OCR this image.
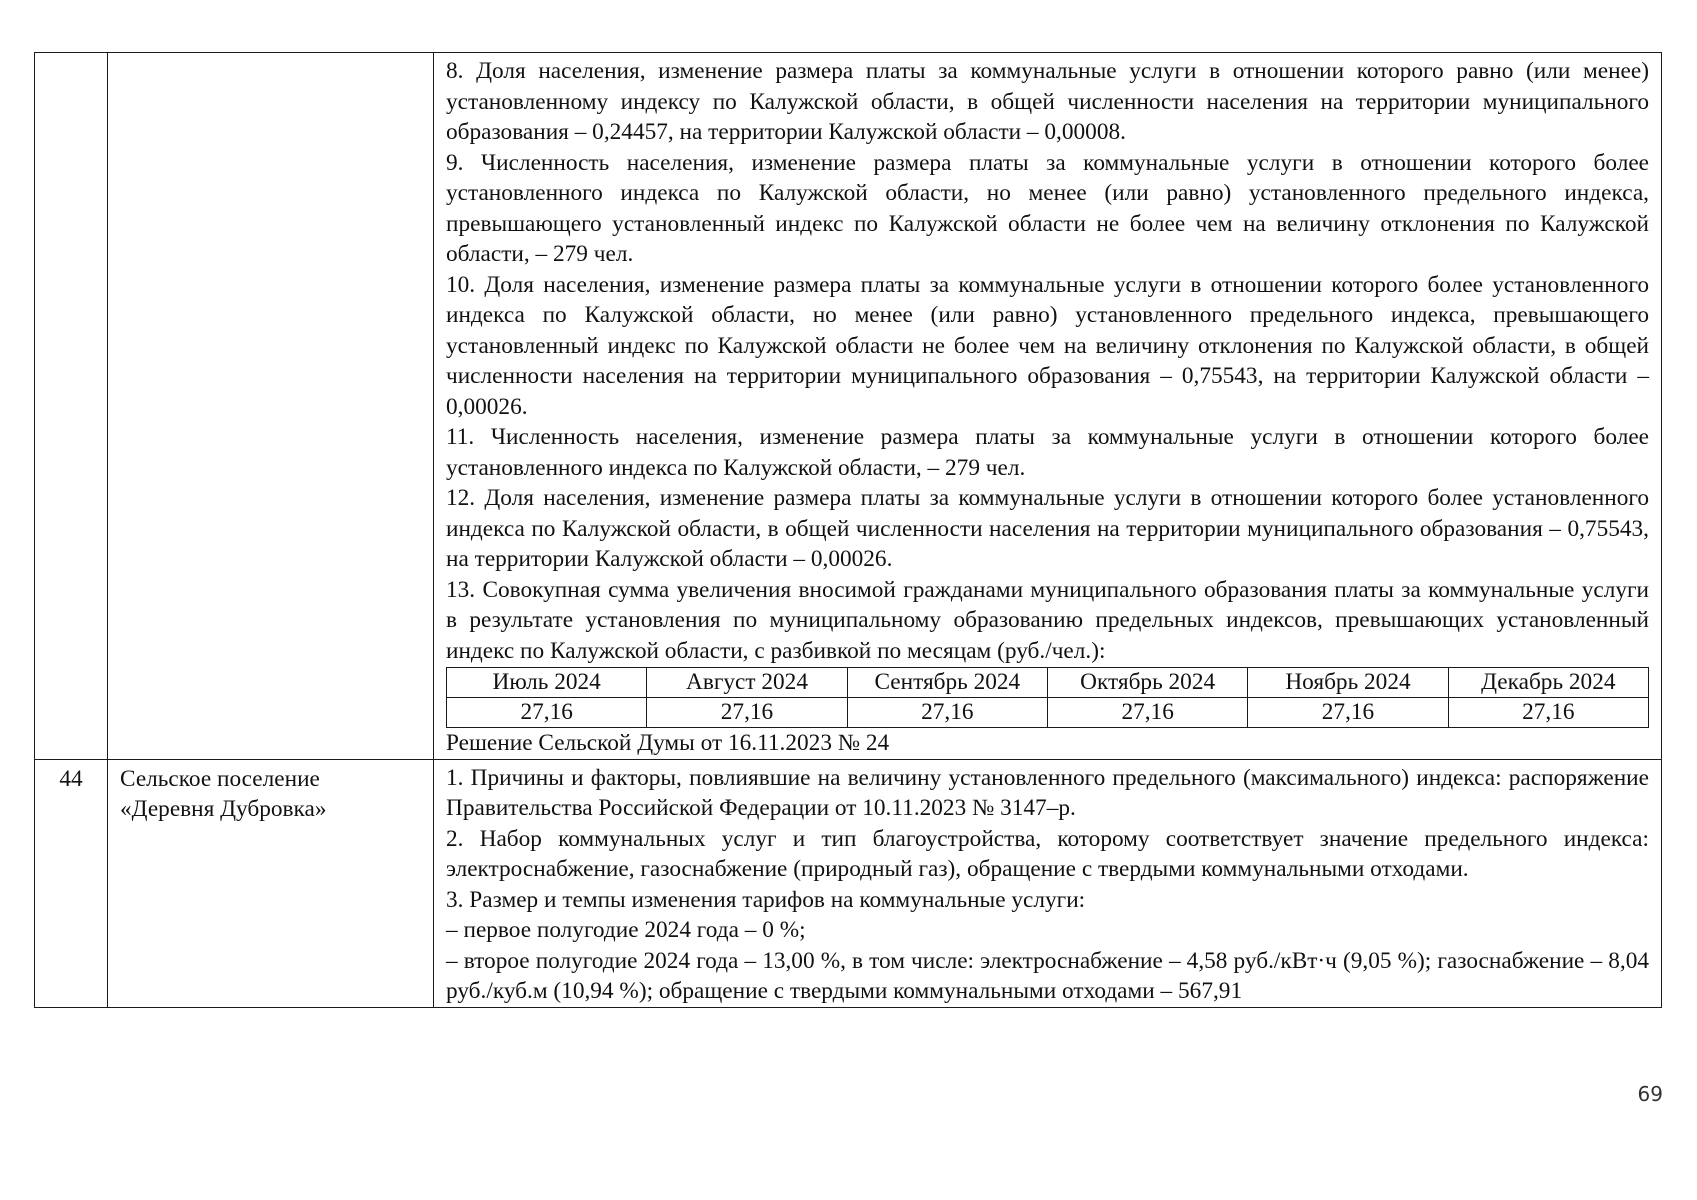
8. Доля населения, изменение размера платы за коммунальные услуги в отношении которого равно (или менее) установленному индексу по Калужской области, в общей численности населения на территории муниципального образования – 0,24457, на территории Калужской области – 0,00008.

9. Численность населения, изменение размера платы за коммунальные услуги в отношении которого более установленного индекса по Калужской области, но менее (или равно) установленного предельного индекса, превышающего установленный индекс по Калужской области не более чем на величину отклонения по Калужской области, – 279 чел.

10. Доля населения, изменение размера платы за коммунальные услуги в отношении которого более установленного индекса по Калужской области, но менее (или равно) установленного предельного индекса, превышающего установленный индекс по Калужской области не более чем на величину отклонения по Калужской области, в общей численности населения на территории муниципального образования – 0,75543, на территории Калужской области – 0,00026.

11. Численность населения, изменение размера платы за коммунальные услуги в отношении которого более установленного индекса по Калужской области, – 279 чел.

12. Доля населения, изменение размера платы за коммунальные услуги в отношении которого более установленного индекса по Калужской области, в общей численности населения на территории муниципального образования – 0,75543, на территории Калужской области – 0,00026.

13. Совокупная сумма увеличения вносимой гражданами муниципального образования платы за коммунальные услуги в результате установления по муниципальному образованию предельных индексов, превышающих установленный индекс по Калужской области, с разбивкой по месяцам (руб./чел.):

Июль 2024	Август 2024	Сентябрь 2024	Октябрь 2024	Ноябрь 2024	Декабрь 2024
27,16	27,16	27,16	27,16	27,16	27,16

Решение Сельской Думы от 16.11.2023 № 24

44	Сельское поселение
«Деревня Дубровка»

1. Причины и факторы, повлиявшие на величину установленного предельного (максимального) индекса: распоряжение Правительства Российской Федерации от 10.11.2023 № 3147–р.

2. Набор коммунальных услуг и тип благоустройства, которому соответствует значение предельного индекса: электроснабжение, газоснабжение (природный газ), обращение с твердыми коммунальными отходами.

3. Размер и темпы изменения тарифов на коммунальные услуги:

– первое полугодие 2024 года – 0 %;

– второе полугодие 2024 года – 13,00 %, в том числе: электроснабжение – 4,58 руб./кВт·ч (9,05 %); газоснабжение – 8,04 руб./куб.м (10,94 %); обращение с твердыми коммунальными отходами – 567,91

69
